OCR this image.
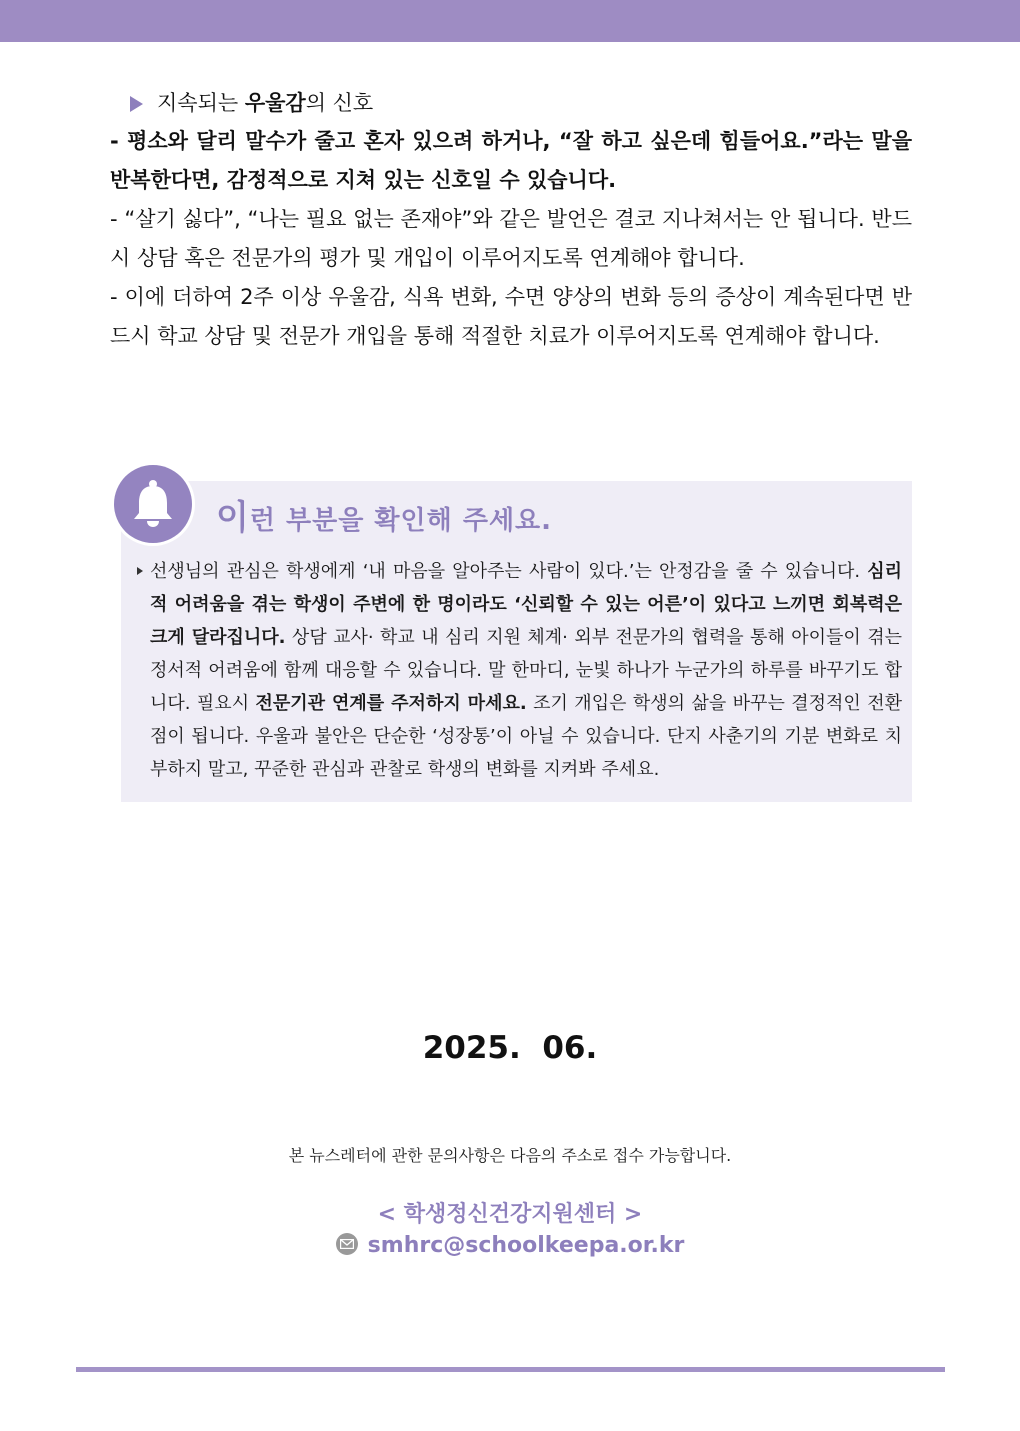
지속되는 우울감의 신호

- 평소와 달리 말수가 줄고 혼자 있으려 하거나, “잘 하고 싶은데 힘들어요.”라는 말을 반복한다면, 감정적으로 지쳐 있는 신호일 수 있습니다.

- “살기 싫다”, “나는 필요 없는 존재야”와 같은 발언은 결코 지나쳐서는 안 됩니다. 반드시 상담 혹은 전문가의 평가 및 개입이 이루어지도록 연계해야 합니다.

- 이에 더하여 2주 이상 우울감, 식욕 변화, 수면 양상의 변화 등의 증상이 계속된다면 반드시 학교 상담 및 전문가 개입을 통해 적절한 치료가 이루어지도록 연계해야 합니다.

이런 부분을 확인해 주세요.
선생님의 관심은 학생에게 ‘내 마음을 알아주는 사람이 있다.’는 안정감을 줄 수 있습니다. 심리적 어려움을 겪는 학생이 주변에 한 명이라도 ‘신뢰할 수 있는 어른’이 있다고 느끼면 회복력은 크게 달라집니다. 상담 교사· 학교 내 심리 지원 체계· 외부 전문가의 협력을 통해 아이들이 겪는 정서적 어려움에 함께 대응할 수 있습니다. 말 한마디, 눈빛 하나가 누군가의 하루를 바꾸기도 합니다. 필요시 전문기관 연계를 주저하지 마세요. 조기 개입은 학생의 삶을 바꾸는 결정적인 전환점이 됩니다. 우울과 불안은 단순한 ‘성장통’이 아닐 수 있습니다. 단지 사춘기의 기분 변화로 치부하지 말고, 꾸준한 관심과 관찰로 학생의 변화를 지켜봐 주세요.
2025.  06.
본 뉴스레터에 관한 문의사항은 다음의 주소로 접수 가능합니다.
< 학생정신건강지원센터 >
smhrc@schoolkeepa.or.kr
